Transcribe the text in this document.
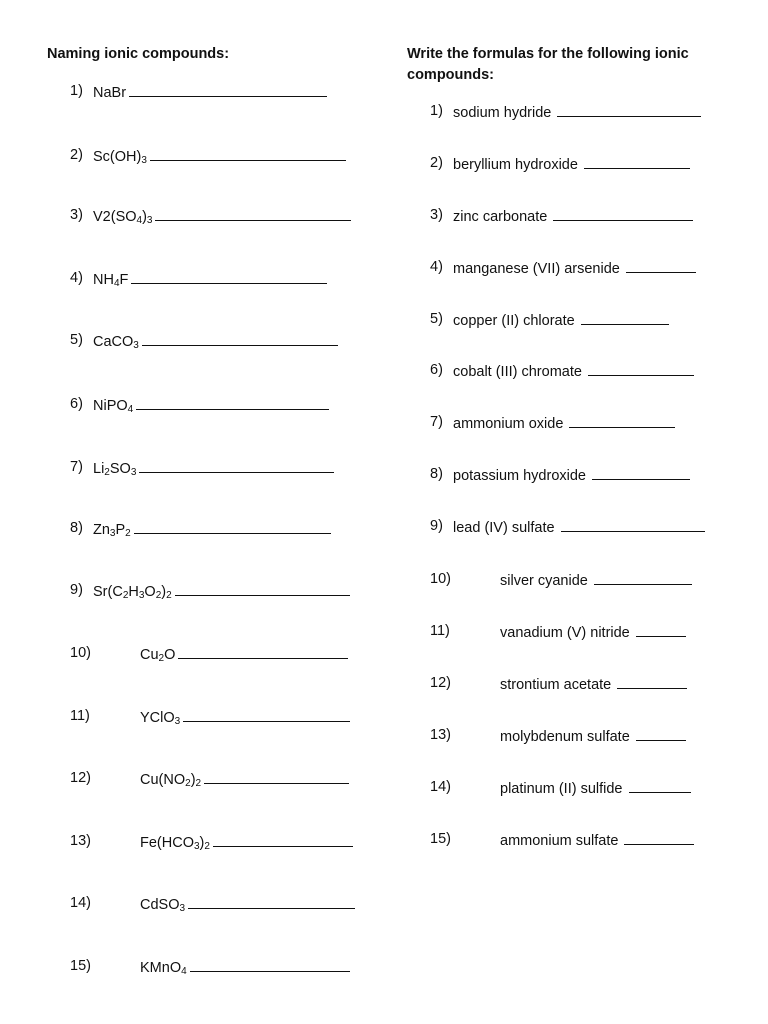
Naming ionic compounds:	Write the formulas for the following ionic compounds:
1) NaBr
2) $Sc(OH)_3$
3) $V2(SO_4)_3$
4) $NH_4F$
5) CaCO$_3$
6) NiPO$_4$
7) $Li_2SO_3$
8) $Zn_3P_2$
9) $Sr(C_2H_3O_2)_2$
10)	$Cu_2O$
11)	YClO$_3$
12)	$Cu(NO_2)_2$
13)	$Fe(HCO_3)_2$
14)	CdSO$_3$
15)	KMnO$_4$
1) sodium hydride
2) beryllium hydroxide
3) zinc carbonate
4) manganese (VII) arsenide
5) copper (II) chlorate
6) cobalt (III) chromate
7) ammonium oxide
8) potassium hydroxide
9) lead (IV) sulfate
10)	silver cyanide
11)	vanadium (V) nitride
12)	strontium acetate
13)	molybdenum sulfate
14)	platinum (II) sulfide
15)	ammonium sulfate
